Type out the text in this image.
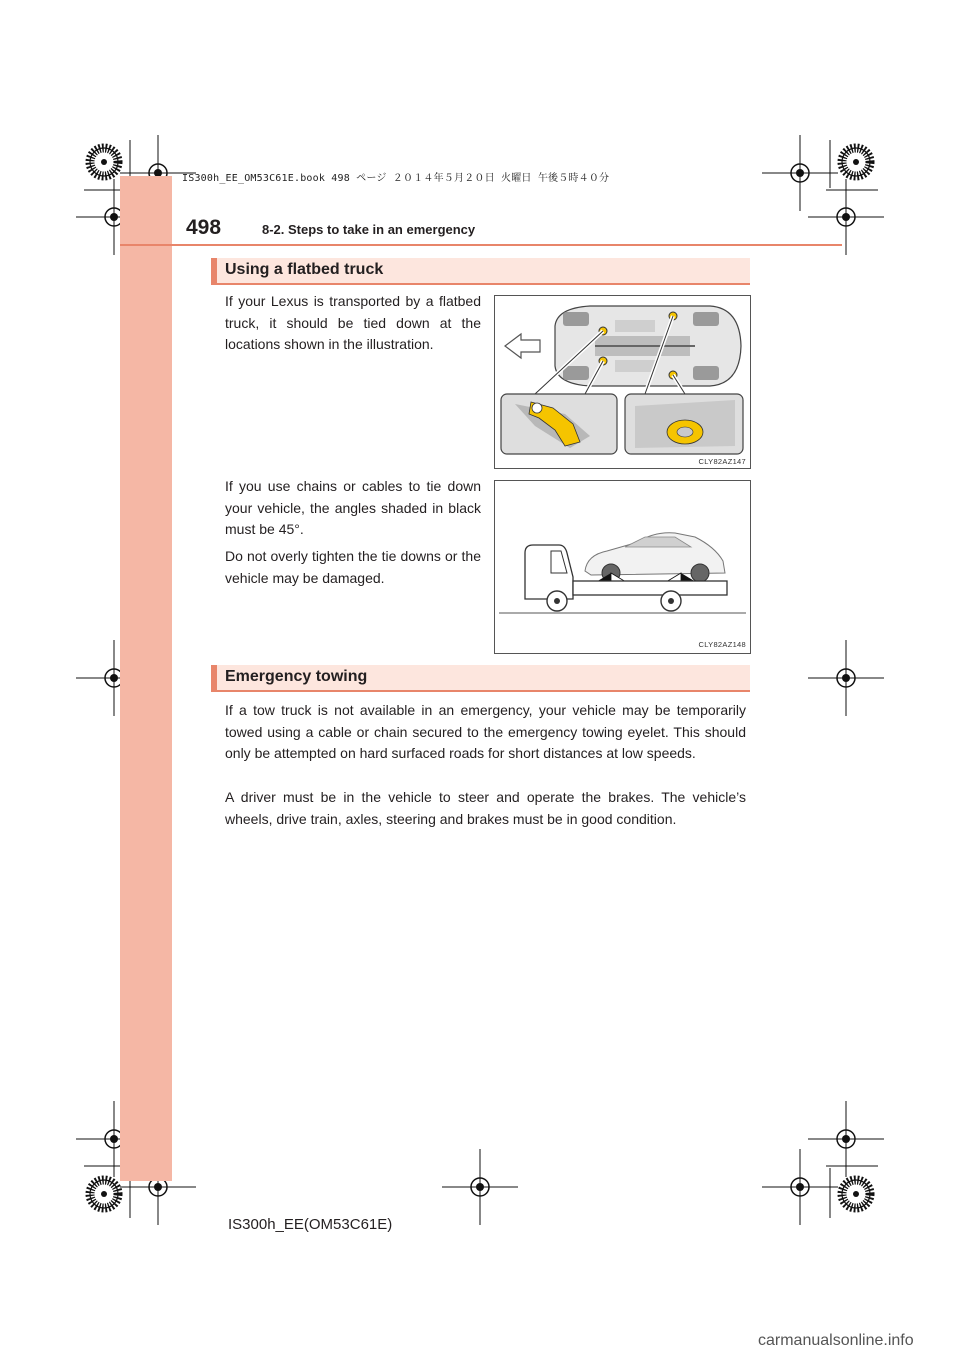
IS300h_EE_OM53C61E.book 498 ページ ２０１４年５月２０日 火曜日 午後５時４０分
498	8-2. Steps to take in an emergency
Using a flatbed truck
If your Lexus is transported by a flatbed truck, it should be tied down at the locations shown in the illustration.
If you use chains or cables to tie down your vehicle, the angles shaded in black must be 45°.
Do not overly tighten the tie downs or the vehicle may be damaged.
CLY82AZ147
CLY82AZ148
Emergency towing
If a tow truck is not available in an emergency, your vehicle may be temporarily towed using a cable or chain secured to the emergency towing eyelet. This should only be attempted on hard surfaced roads for short distances at low speeds.
A driver must be in the vehicle to steer and operate the brakes. The vehicle’s wheels, drive train, axles, steering and brakes must be in good condition.
IS300h_EE(OM53C61E)
carmanualsonline.info
